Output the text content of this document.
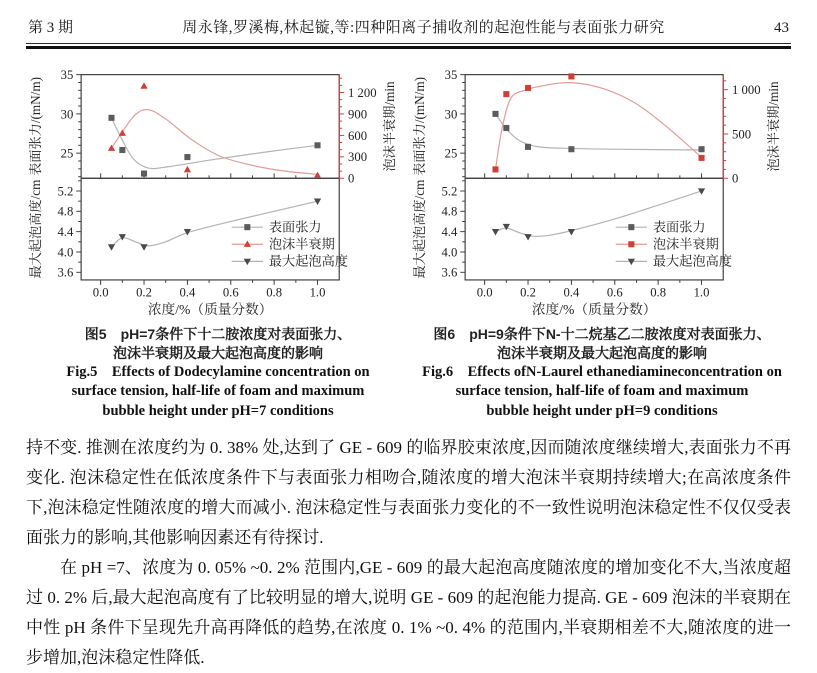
第 3 期	周永锋,罗溪梅,林起镟,等:四种阳离子捕收剂的起泡性能与表面张力研究	43
0.0 0.2 0.4 0.6 0.8 1.0
浓度/%（质量分数）
25
30
35
表面张力/(mN/m)
0
300
600
900
1 200 泡沫半衰期/min
3.6
4.0
4.4
4.8
5.2
最大起泡高度/cm	表面张力
泡沫半衰期
最大起泡高度
图5　pH=7条件下十二胺浓度对表面张力、
泡沫半衰期及最大起泡高度的影响
Fig.5　Effects of Dodecylamine concentration on
surface tension, half-life of foam and maximum
bubble height under pH=7 conditions
0.0 0.2 0.4 0.6 0.8 1.0
浓度/%（质量分数）
25
30
35
表面张力/(mN/m)
0
500
1 000 泡沫半衰期/min
3.6
4.0
4.4
4.8
5.2
最大起泡高度/cm	表面张力
泡沫半衰期
最大起泡高度
图6　pH=9条件下N-十二烷基乙二胺浓度对表面张力、
泡沫半衰期及最大起泡高度的影响
Fig.6　Effects ofN-Laurel ethanediamineconcentration on
surface tension, half-life of foam and maximum
bubble height under pH=9 conditions

持不变. 推测在浓度约为 0. 38% 处,达到了 GE - 609 的临界胶束浓度,因而随浓度继续增大,表面张力不再变化. 泡沫稳定性在低浓度条件下与表面张力相吻合,随浓度的增大泡沫半衰期持续增大;在高浓度条件下,泡沫稳定性随浓度的增大而减小. 泡沫稳定性与表面张力变化的不一致性说明泡沫稳定性不仅仅受表面张力的影响,其他影响因素还有待探讨.

在 pH =7、浓度为 0. 05% ~0. 2% 范围内,GE - 609 的最大起泡高度随浓度的增加变化不大,当浓度超过 0. 2% 后,最大起泡高度有了比较明显的增大,说明 GE - 609 的起泡能力提高. GE - 609 泡沫的半衰期在中性 pH 条件下呈现先升高再降低的趋势,在浓度 0. 1% ~0. 4% 的范围内,半衰期相差不大,随浓度的进一步增加,泡沫稳定性降低.
